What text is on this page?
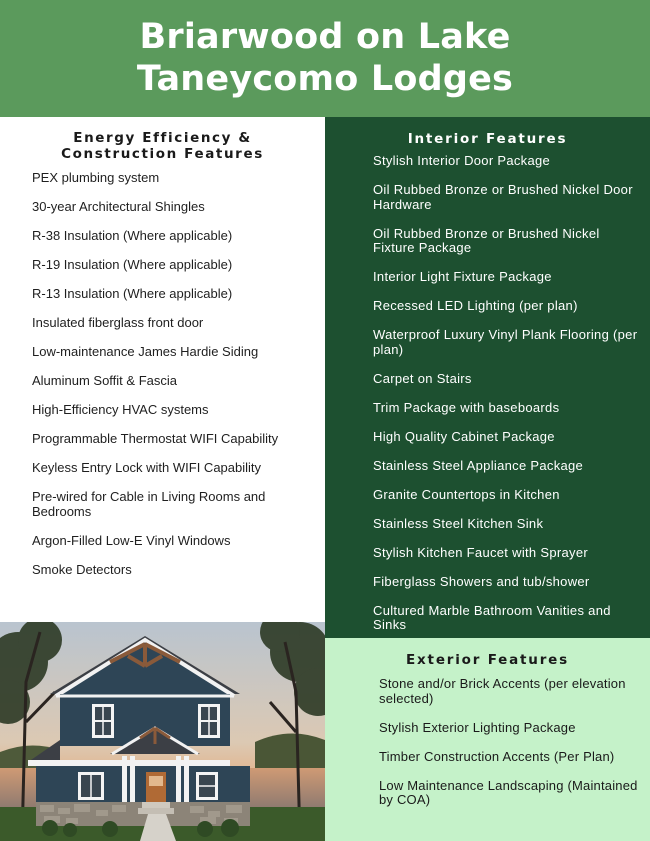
Briarwood on Lake
Taneycomo Lodges
Energy Efficiency &
Construction Features
PEX plumbing system
30-year Architectural Shingles
R-38 Insulation (Where applicable)
R-19 Insulation (Where applicable)
R-13 Insulation (Where applicable)
Insulated fiberglass front door
Low-maintenance James Hardie Siding
Aluminum Soffit & Fascia
High-Efficiency HVAC systems
Programmable Thermostat WIFI Capability
Keyless Entry Lock with WIFI Capability
Pre-wired for Cable in Living Rooms and Bedrooms
Argon-Filled Low-E Vinyl Windows
Smoke Detectors
Interior Features
Stylish Interior Door Package
Oil Rubbed Bronze or Brushed Nickel Door Hardware
Oil Rubbed Bronze or Brushed Nickel Fixture Package
Interior Light Fixture Package
Recessed LED Lighting (per plan)
Waterproof Luxury Vinyl Plank Flooring (per plan)
Carpet on Stairs
Trim Package with baseboards
High Quality Cabinet Package
Stainless Steel Appliance Package
Granite Countertops in Kitchen
Stainless Steel Kitchen Sink
Stylish Kitchen Faucet with Sprayer
Fiberglass Showers and tub/shower
Cultured Marble Bathroom Vanities and Sinks
Exterior Features
Stone and/or Brick Accents (per elevation selected)
Stylish Exterior Lighting Package
Timber Construction Accents (Per Plan)
Low Maintenance Landscaping (Maintained by COA)
